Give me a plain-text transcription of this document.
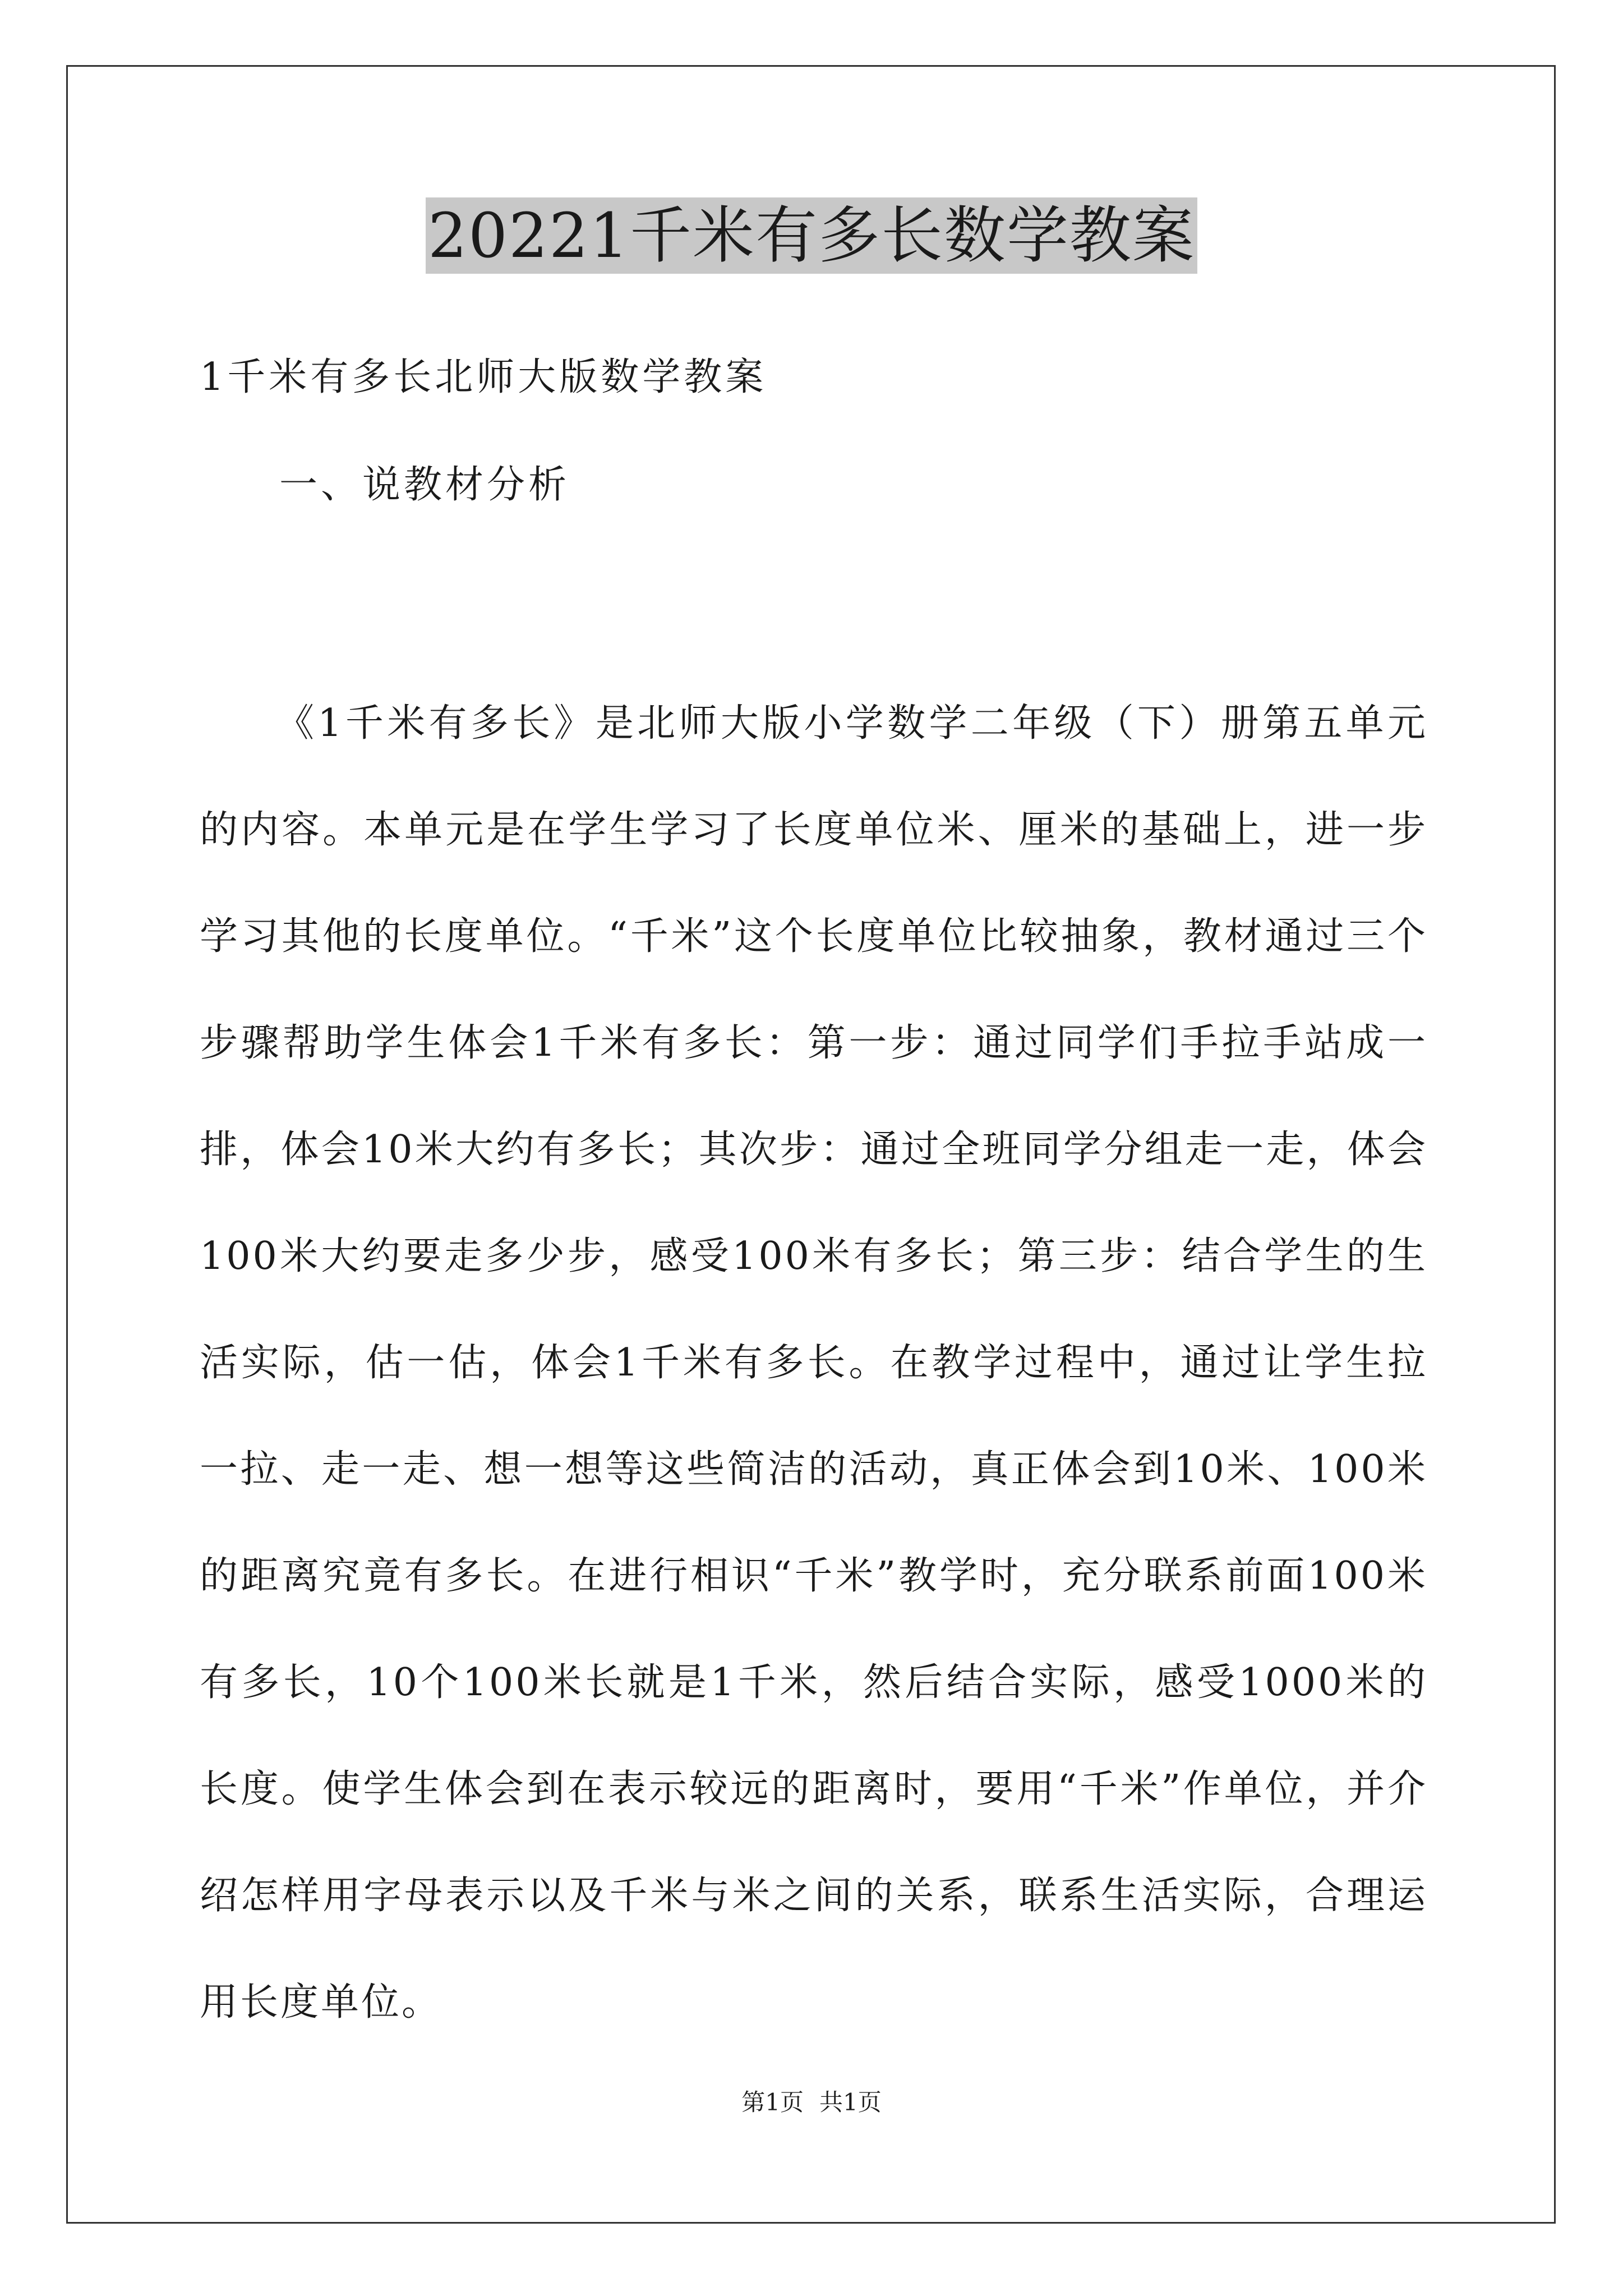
20221千米有多长数学教案
1千米有多长北师大版数学教案
一、说教材分析

《1千米有多长》是北师大版小学数学二年级（下）册第五单元的内容。本单元是在学生学习了长度单位米、厘米的基础上，进一步学习其他的长度单位。“千米”这个长度单位比较抽象，教材通过三个步骤帮助学生体会1千米有多长：第一步：通过同学们手拉手站成一排，体会10米大约有多长；其次步：通过全班同学分组走一走，体会100米大约要走多少步，感受100米有多长；第三步：结合学生的生活实际，估一估，体会1千米有多长。在教学过程中，通过让学生拉一拉、走一走、想一想等这些简洁的活动，真正体会到10米、100米的距离究竟有多长。在进行相识“千米”教学时，充分联系前面100米有多长，10个100米长就是1千米，然后结合实际，感受1000米的长度。使学生体会到在表示较远的距离时，要用“千米”作单位，并介绍怎样用字母表示以及千米与米之间的关系，联系生活实际，合理运用长度单位。

第1页 共1页
